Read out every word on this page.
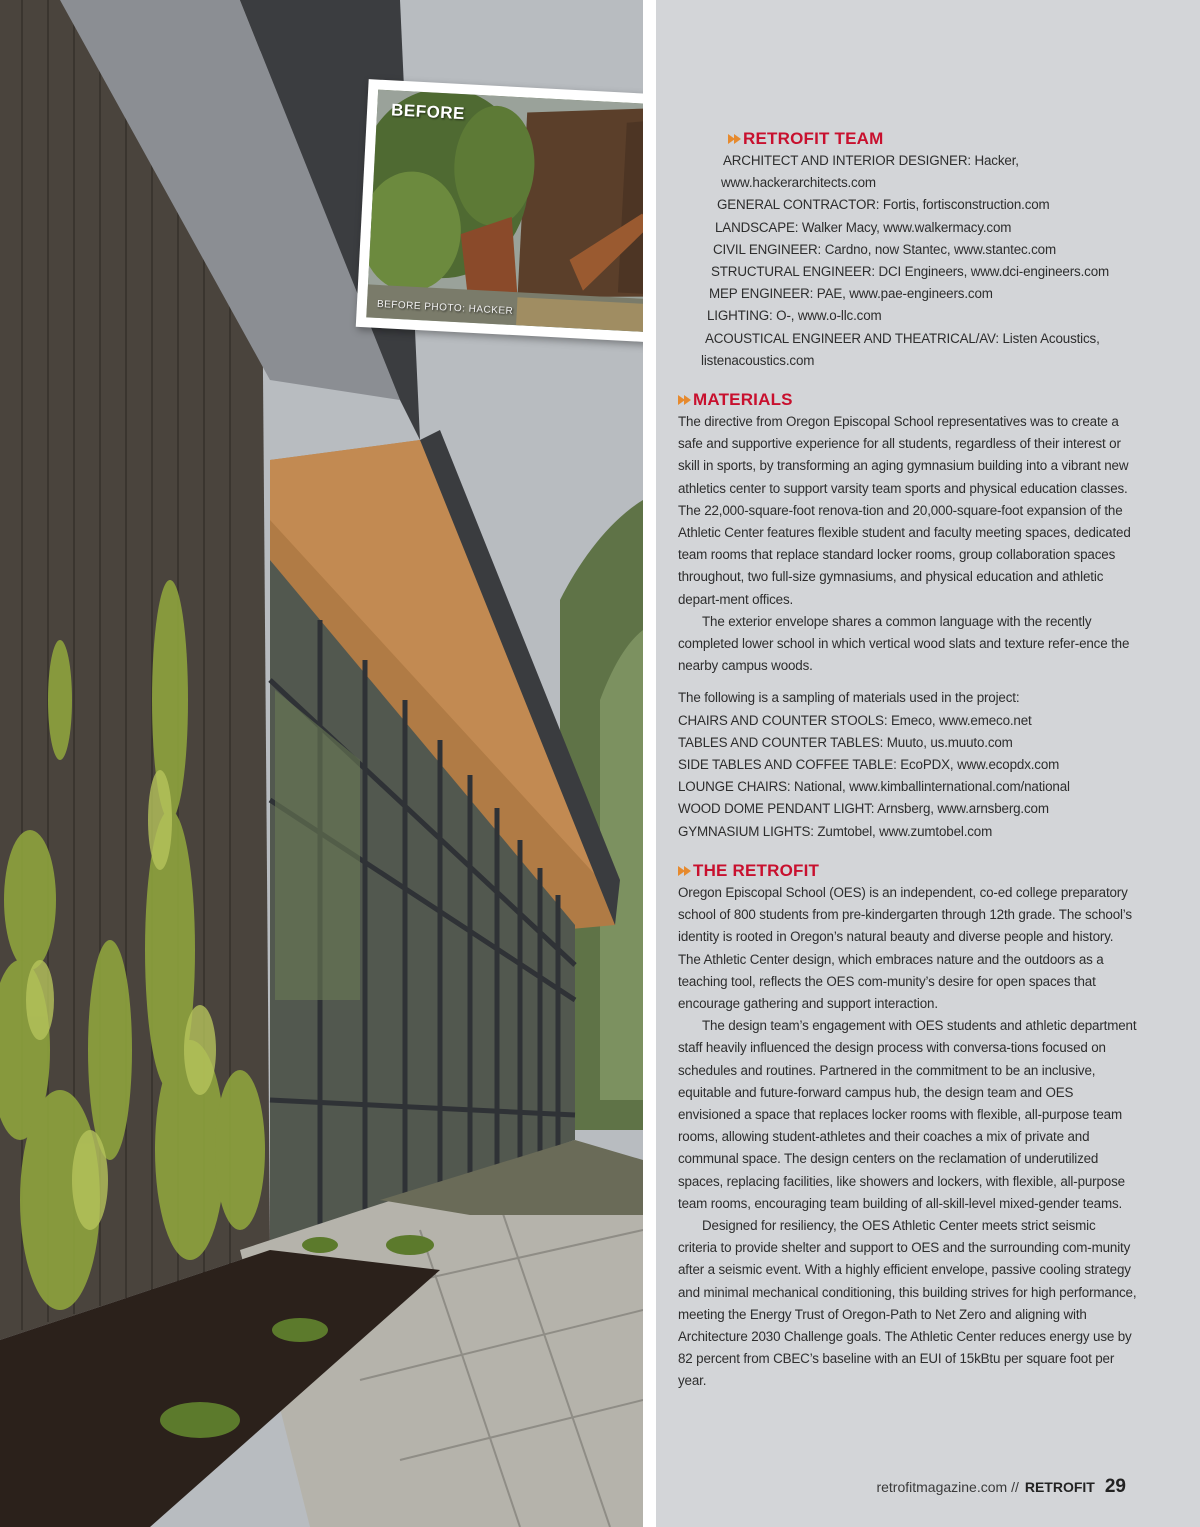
BEFORE
BEFORE PHOTO: HACKER
RETROFIT TEAM
ARCHITECT AND INTERIOR DESIGNER: Hacker,
www.hackerarchitects.com
GENERAL CONTRACTOR: Fortis, fortisconstruction.com
LANDSCAPE: Walker Macy, www.walkermacy.com
CIVIL ENGINEER: Cardno, now Stantec, www.stantec.com
STRUCTURAL ENGINEER: DCI Engineers, www.dci-engineers.com
MEP ENGINEER: PAE, www.pae-engineers.com
LIGHTING: O-, www.o-llc.com
ACOUSTICAL ENGINEER AND THEATRICAL/AV: Listen Acoustics,
listenacoustics.com
MATERIALS

The directive from Oregon Episcopal School representatives was to create a safe and supportive experience for all students, regardless of their interest or skill in sports, by transforming an aging gymnasium building into a vibrant new athletics center to support varsity team sports and physical education classes. The 22,000-square-foot renova-tion and 20,000-square-foot expansion of the Athletic Center features flexible student and faculty meeting spaces, dedicated team rooms that replace standard locker rooms, group collaboration spaces throughout, two full-size gymnasiums, and physical education and athletic depart-ment offices.

The exterior envelope shares a common language with the recently completed lower school in which vertical wood slats and texture refer-ence the nearby campus woods.

The following is a sampling of materials used in the project:

CHAIRS AND COUNTER STOOLS: Emeco, www.emeco.net
TABLES AND COUNTER TABLES: Muuto, us.muuto.com
SIDE TABLES AND COFFEE TABLE: EcoPDX, www.ecopdx.com
LOUNGE CHAIRS: National, www.kimballinternational.com/national
WOOD DOME PENDANT LIGHT: Arnsberg, www.arnsberg.com
GYMNASIUM LIGHTS: Zumtobel, www.zumtobel.com
THE RETROFIT

Oregon Episcopal School (OES) is an independent, co-ed college preparatory school of 800 students from pre-kindergarten through 12th grade. The school’s identity is rooted in Oregon’s natural beauty and diverse people and history. The Athletic Center design, which embraces nature and the outdoors as a teaching tool, reflects the OES com-munity’s desire for open spaces that encourage gathering and support interaction.

The design team’s engagement with OES students and athletic department staff heavily influenced the design process with conversa-tions focused on schedules and routines. Partnered in the commitment to be an inclusive, equitable and future-forward campus hub, the design team and OES envisioned a space that replaces locker rooms with flexible, all-purpose team rooms, allowing student-athletes and their coaches a mix of private and communal space. The design centers on the reclamation of underutilized spaces, replacing facilities, like showers and lockers, with flexible, all-purpose team rooms, encouraging team building of all-skill-level mixed-gender teams.

Designed for resiliency, the OES Athletic Center meets strict seismic criteria to provide shelter and support to OES and the surrounding com-munity after a seismic event. With a highly efficient envelope, passive cooling strategy and minimal mechanical conditioning, this building strives for high performance, meeting the Energy Trust of Oregon-Path to Net Zero and aligning with Architecture 2030 Challenge goals. The Athletic Center reduces energy use by 82 percent from CBEC’s baseline with an EUI of 15kBtu per square foot per year.

retrofitmagazine.com // RETROFIT 29
